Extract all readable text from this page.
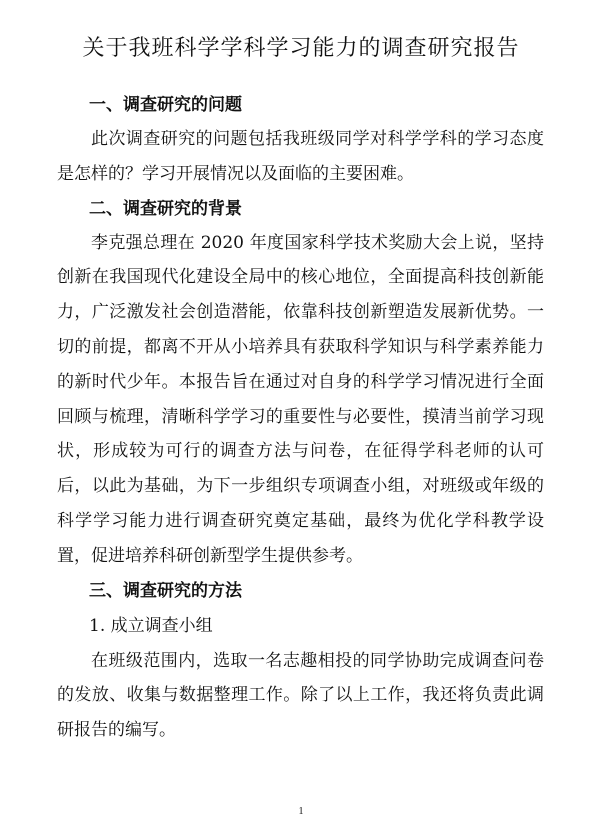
关于我班科学学科学习能力的调查研究报告
一、调查研究的问题

此次调查研究的问题包括我班级同学对科学学科的学习态度是怎样的？学习开展情况以及面临的主要困难。

二、调查研究的背景

李克强总理在 2020 年度国家科学技术奖励大会上说，坚持创新在我国现代化建设全局中的核心地位，全面提高科技创新能力，广泛激发社会创造潜能，依靠科技创新塑造发展新优势。一切的前提，都离不开从小培养具有获取科学知识与科学素养能力的新时代少年。本报告旨在通过对自身的科学学习情况进行全面回顾与梳理，清晰科学学习的重要性与必要性，摸清当前学习现状，形成较为可行的调查方法与问卷，在征得学科老师的认可后，以此为基础，为下一步组织专项调查小组，对班级或年级的科学学习能力进行调查研究奠定基础，最终为优化学科教学设置，促进培养科研创新型学生提供参考。

三、调查研究的方法

1. 成立调查小组

在班级范围内，选取一名志趣相投的同学协助完成调查问卷的发放、收集与数据整理工作。除了以上工作，我还将负责此调研报告的编写。

1
